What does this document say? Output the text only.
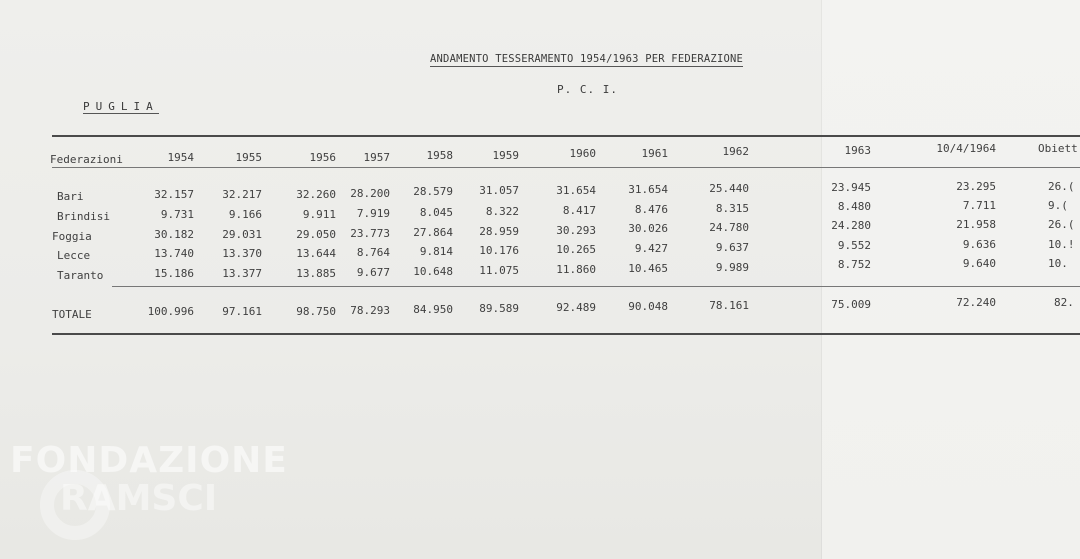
FONDAZIONE
RAMSCI
ANDAMENTO TESSERAMENTO 1954/1963 PER FEDERAZIONE
P. C. I.
PUGLIA
Federazioni	1954	1955	1956	1957	1958	1959	1960	1961	1962	1963	10/4/1964	Obiett
Bari	32.157	32.217	32.260	28.200	28.579	31.057	31.654	31.654	25.440	23.945	23.295	26.(
Brindisi	9.731	9.166	9.911	7.919	8.045	8.322	8.417	8.476	8.315	8.480	7.711	9.(
Foggia	30.182	29.031	29.050	23.773	27.864	28.959	30.293	30.026	24.780	24.280	21.958	26.(
Lecce	13.740	13.370	13.644	8.764	9.814	10.176	10.265	9.427	9.637	9.552	9.636	10.!
Taranto	15.186	13.377	13.885	9.677	10.648	11.075	11.860	10.465	9.989	8.752	9.640	10.
TOTALE	100.996	97.161	98.750	78.293	84.950	89.589	92.489	90.048	78.161	75.009	72.240	82.
